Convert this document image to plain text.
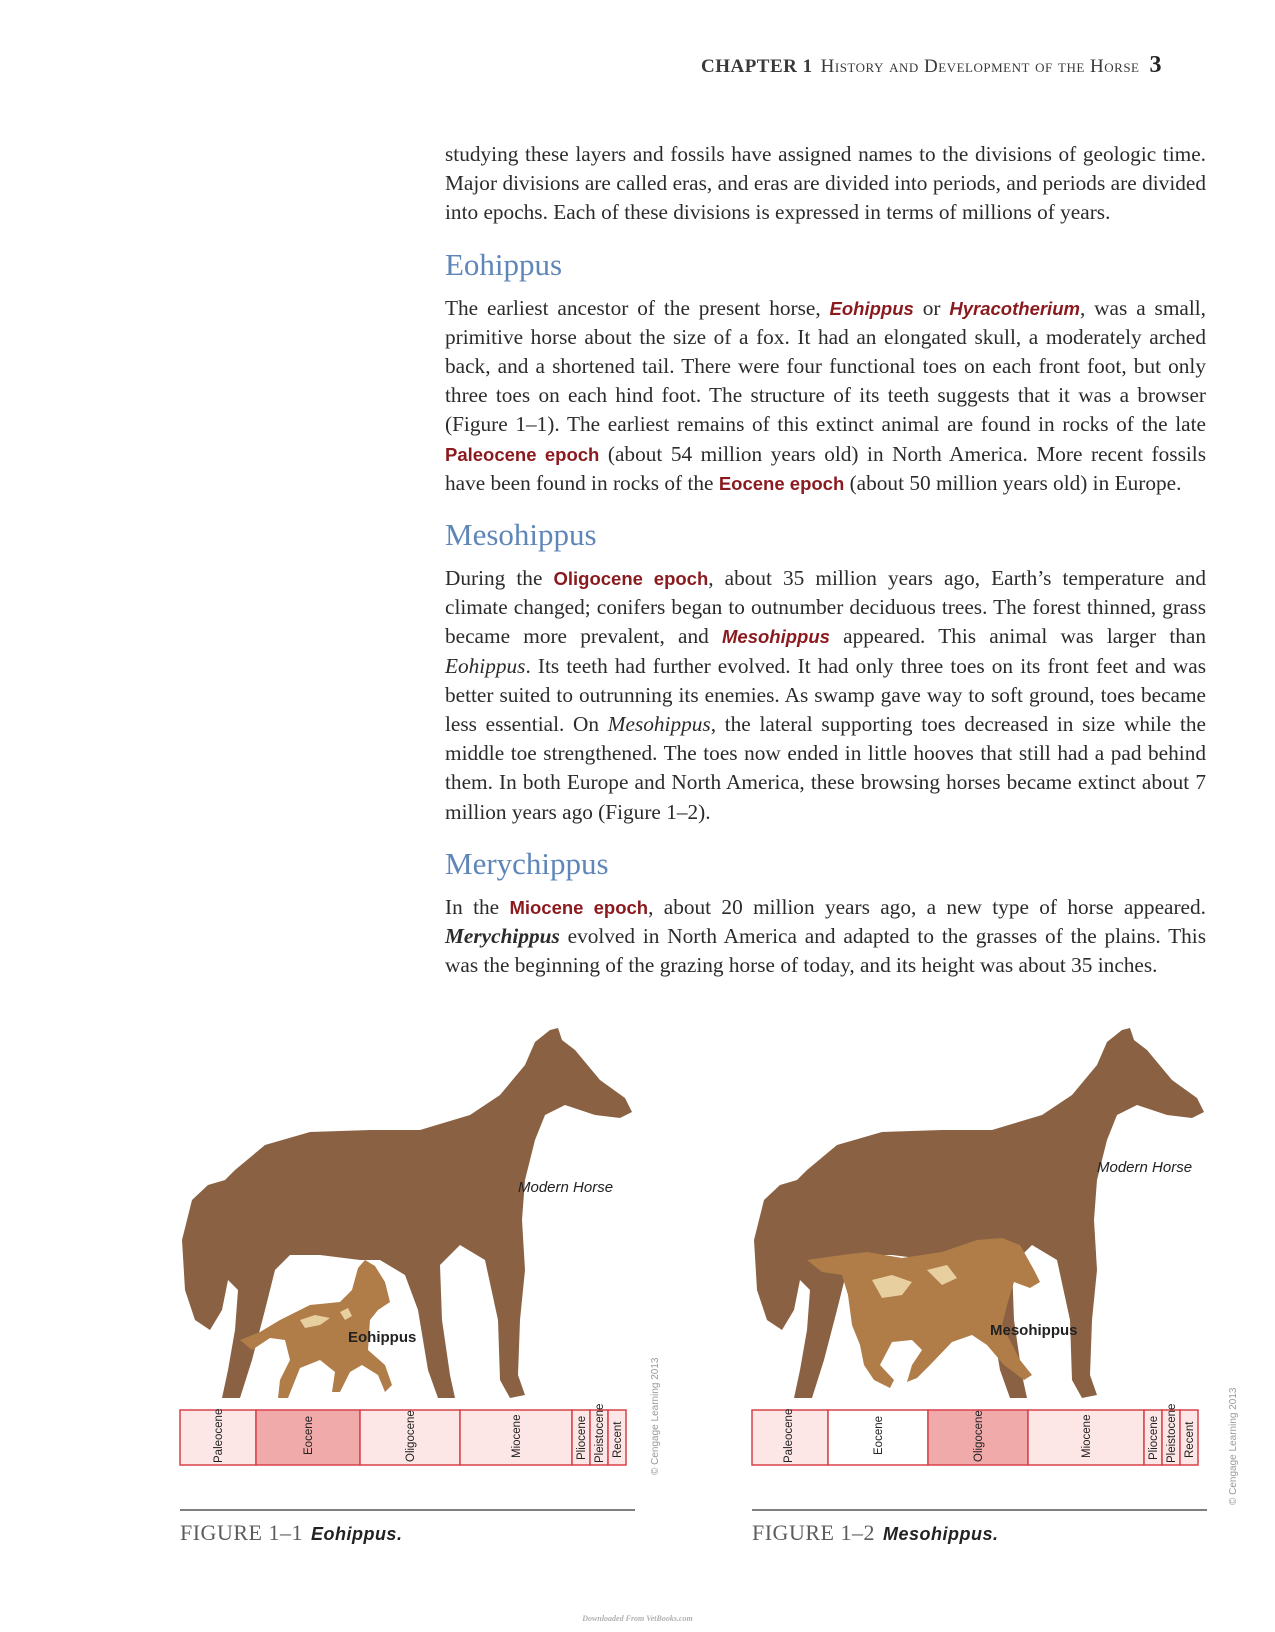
CHAPTER 1 History and Development of the Horse 3

studying these layers and fossils have assigned names to the divisions of geologic time. Major divisions are called eras, and eras are divided into periods, and periods are divided into epochs. Each of these divisions is expressed in terms of millions of years.

Eohippus

The earliest ancestor of the present horse, Eohippus or Hyracotherium, was a small, primitive horse about the size of a fox. It had an elongated skull, a moderately arched back, and a shortened tail. There were four functional toes on each front foot, but only three toes on each hind foot. The structure of its teeth suggests that it was a browser (Figure 1–1). The earliest remains of this extinct animal are found in rocks of the late Paleocene epoch (about 54 million years old) in North America. More recent fossils have been found in rocks of the Eocene epoch (about 50 million years old) in Europe.

Mesohippus

During the Oligocene epoch, about 35 million years ago, Earth’s temperature and climate changed; conifers began to outnumber deciduous trees. The forest thinned, grass became more prevalent, and Mesohippus appeared. This animal was larger than Eohippus. Its teeth had further evolved. It had only three toes on its front feet and was better suited to outrunning its enemies. As swamp gave way to soft ground, toes became less essential. On Mesohippus, the lateral supporting toes decreased in size while the middle toe strengthened. The toes now ended in little hooves that still had a pad behind them. In both Europe and North America, these browsing horses became extinct about 7 million years ago (Figure 1–2).

Merychippus

In the Miocene epoch, about 20 million years ago, a new type of horse appeared. Merychippus evolved in North America and adapted to the grasses of the plains. This was the beginning of the grazing horse of today, and its height was about 35 inches.

Modern Horse
Eohippus
Paleocene	Eocene	Oligocene	Miocene	Pliocene Pleistocene Recent	© Cengage Learning 2013
FIGURE 1–1 Eohippus.
Modern Horse
Mesohippus
Paleocene	Eocene	Oligocene	Miocene	Pliocene Pleistocene Recent	© Cengage Learning 2013
FIGURE 1–2 Mesohippus.
Downloaded From VetBooks.com
